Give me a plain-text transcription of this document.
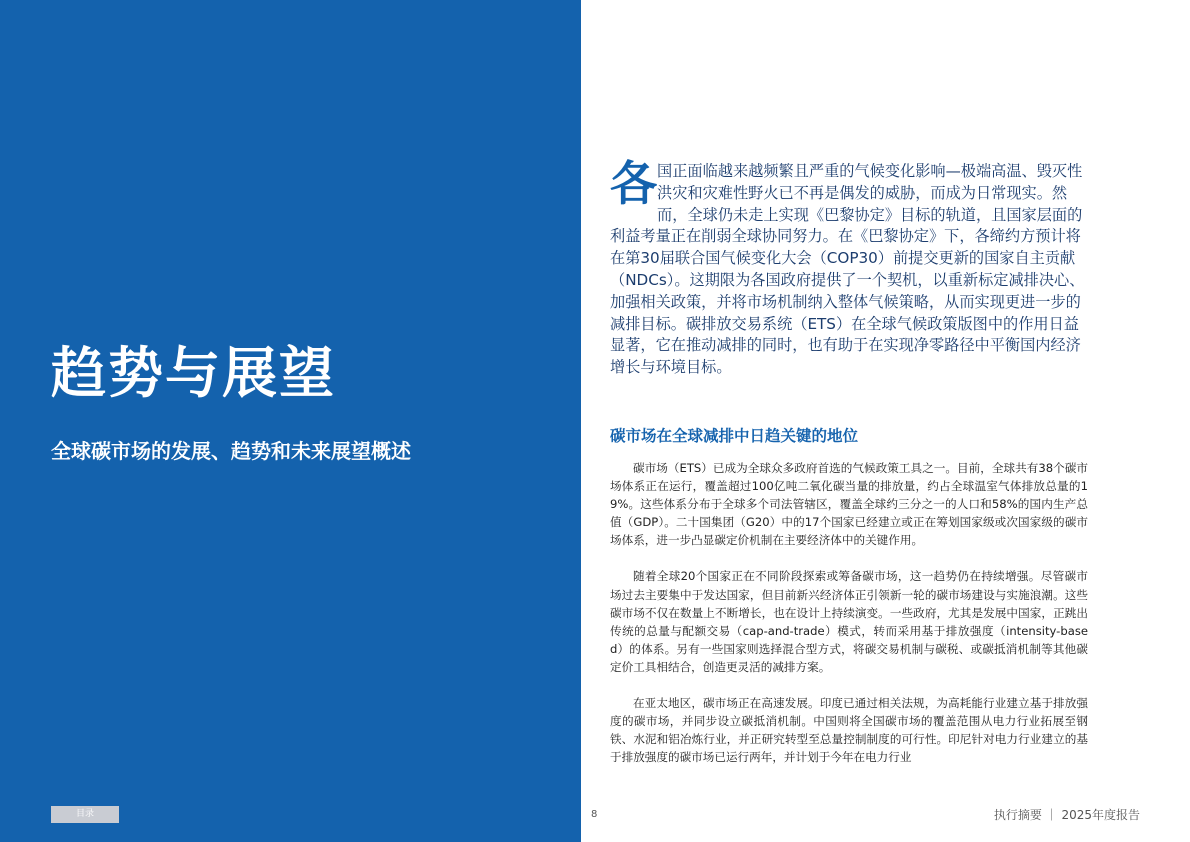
趋势与展望
全球碳市场的发展、趋势和未来展望概述
目录
各国正面临越来越频繁且严重的气候变化影响—极端高温、毁灭性洪灾和灾难性野火已不再是偶发的威胁，而成为日常现实。然而，全球仍未走上实现《巴黎协定》目标的轨道，且国家层面的利益考量正在削弱全球协同努力。在《巴黎协定》下，各缔约方预计将在第30届联合国气候变化大会（COP30）前提交更新的国家自主贡献（NDCs）。这期限为各国政府提供了一个契机，以重新标定减排决心、加强相关政策，并将市场机制纳入整体气候策略，从而实现更进一步的减排目标。碳排放交易系统（ETS）在全球气候政策版图中的作用日益显著，它在推动减排的同时，也有助于在实现净零路径中平衡国内经济增长与环境目标。
碳市场在全球减排中日趋关键的地位

碳市场（ETS）已成为全球众多政府首选的气候政策工具之一。目前，全球共有38个碳市场体系正在运行，覆盖超过100亿吨二氧化碳当量的排放量，约占全球温室气体排放总量的19%。这些体系分布于全球多个司法管辖区，覆盖全球约三分之一的人口和58%的国内生产总值（GDP）。二十国集团（G20）中的17个国家已经建立或正在筹划国家级或次国家级的碳市场体系，进一步凸显碳定价机制在主要经济体中的关键作用。

随着全球20个国家正在不同阶段探索或筹备碳市场，这一趋势仍在持续增强。尽管碳市场过去主要集中于发达国家，但目前新兴经济体正引领新一轮的碳市场建设与实施浪潮。这些碳市场不仅在数量上不断增长，也在设计上持续演变。一些政府，尤其是发展中国家，正跳出传统的总量与配额交易（cap-and-trade）模式，转而采用基于排放强度（intensity-based）的体系。另有一些国家则选择混合型方式，将碳交易机制与碳税、或碳抵消机制等其他碳定价工具相结合，创造更灵活的减排方案。

在亚太地区，碳市场正在高速发展。印度已通过相关法规，为高耗能行业建立基于排放强度的碳市场，并同步设立碳抵消机制。中国则将全国碳市场的覆盖范围从电力行业拓展至钢铁、水泥和铝冶炼行业，并正研究转型至总量控制制度的可行性。印尼针对电力行业建立的基于排放强度的碳市场已运行两年，并计划于今年在电力行业

8	执行摘要 ｜ 2025年度报告
